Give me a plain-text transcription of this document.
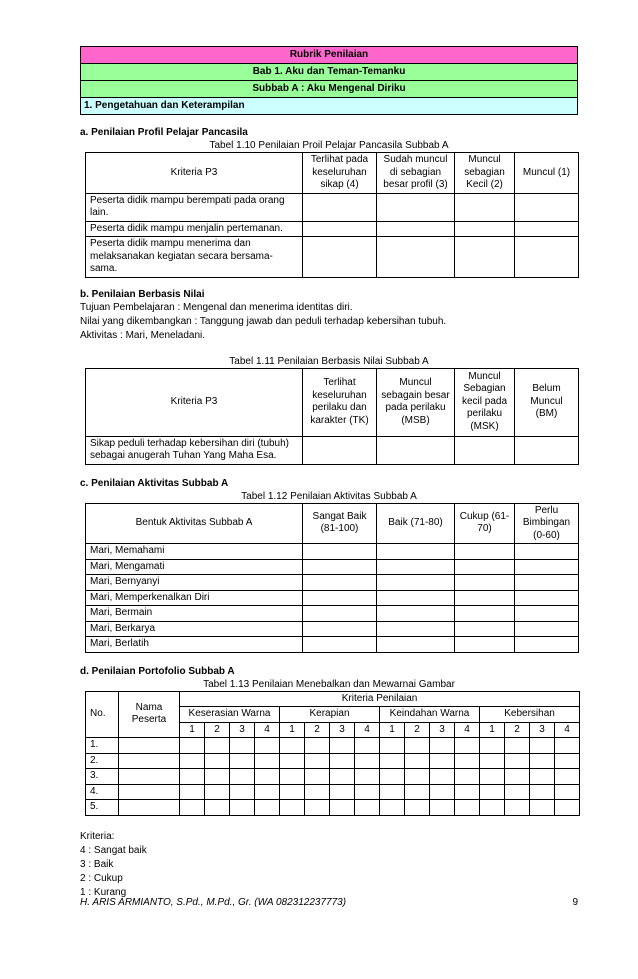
Rubrik Penilaian
Bab 1. Aku dan Teman-Temanku
Subbab A : Aku Mengenal Diriku
1. Pengetahuan dan Keterampilan

a. Penilaian Profil Pelajar Pancasila

Tabel 1.10 Penilaian Proil Pelajar Pancasila Subbab A

Kriteria P3	Terlihat pada keseluruhan sikap (4)	Sudah muncul di sebagian besar profil (3)	Muncul sebagian Kecil (2)	Muncul (1)
Peserta didik mampu berempati pada orang lain.				
Peserta didik mampu menjalin pertemanan.				
Peserta didik mampu menerima dan melaksanakan kegiatan secara bersama-sama.				

b. Penilaian Berbasis Nilai

Tujuan Pembelajaran : Mengenal dan menerima identitas diri.

Nilai yang dikembangkan : Tanggung jawab dan peduli terhadap kebersihan tubuh.

Aktivitas : Mari, Meneladani.

Tabel 1.11 Penilaian Berbasis Nilai Subbab A

Kriteria P3	Terlihat keseluruhan perilaku dan karakter (TK)	Muncul sebagain besar pada perilaku (MSB)	Muncul Sebagian kecil pada perilaku (MSK)	Belum Muncul (BM)
Sikap peduli terhadap kebersihan diri (tubuh) sebagai anugerah Tuhan Yang Maha Esa.				

c. Penilaian Aktivitas Subbab A

Tabel 1.12 Penilaian Aktivitas Subbab A

Bentuk Aktivitas Subbab A	Sangat Baik (81-100)	Baik (71-80)	Cukup (61-70)	Perlu Bimbingan (0-60)
Mari, Memahami				
Mari, Mengamati				
Mari, Bernyanyi				
Mari, Memperkenalkan Diri				
Mari, Bermain				
Mari, Berkarya				
Mari, Berlatih				

d. Penilaian Portofolio Subbab A

Tabel 1.13 Penilaian Menebalkan dan Mewarnai Gambar

No.	Nama Peserta	Kriteria Penilaian															
		Keserasian Warna				Kerapian				Keindahan Warna				Kebersihan			
		1	2	3	4	1	2	3	4	1	2	3	4	1	2	3	4
1.																	
2.																	
3.																	
4.																	
5.																	

Kriteria:

4 : Sangat baik

3 : Baik

2 : Cukup

1 : Kurang

H. ARIS ARMIANTO, S.Pd., M.Pd., Gr. (WA 082312237773)	9
